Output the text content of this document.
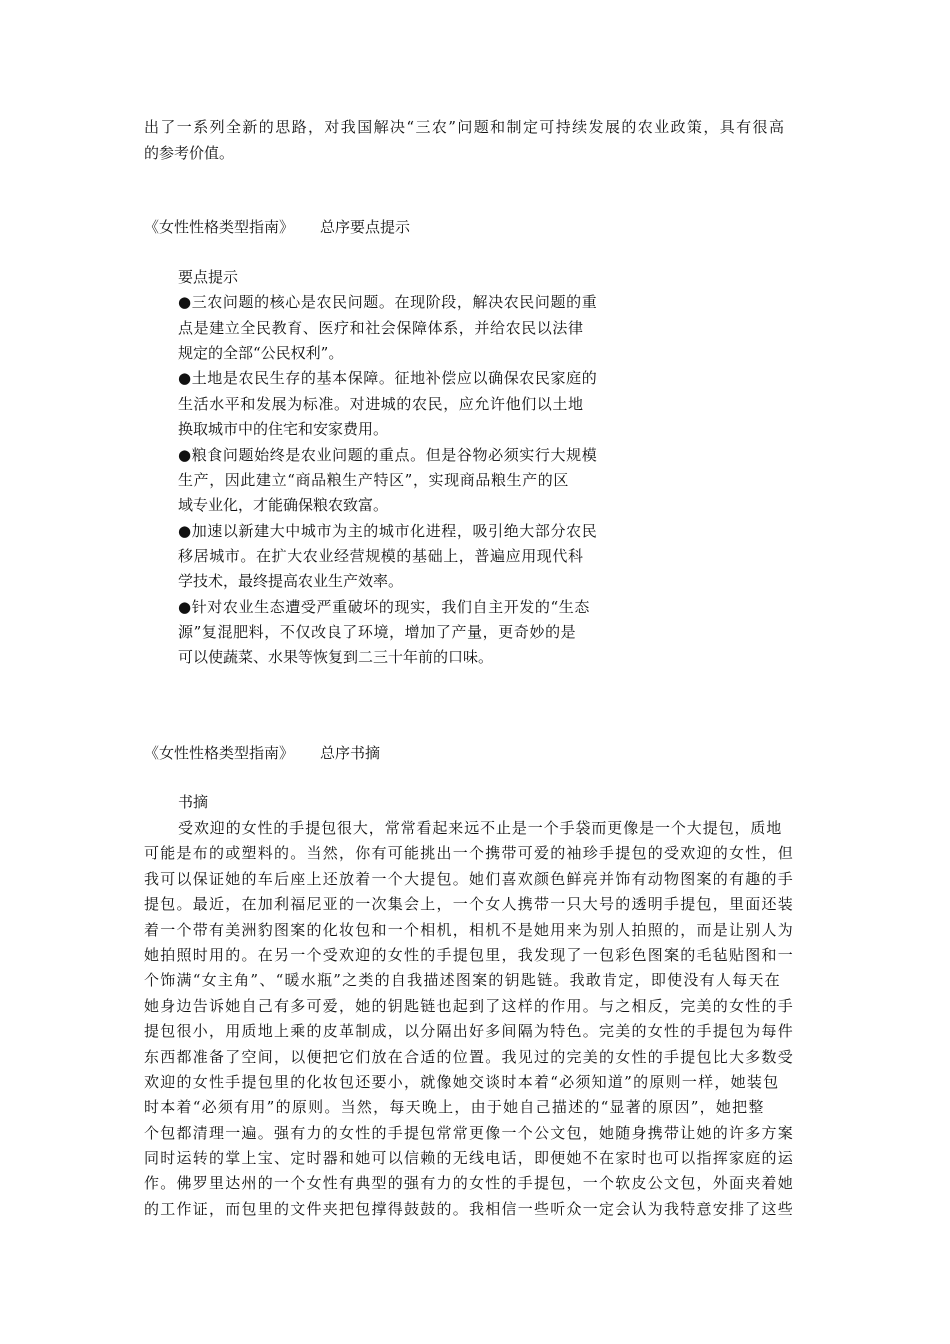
出了一系列全新的思路，对我国解决“三农”问题和制定可持续发展的农业政策，具有很高
的参考价值。
《女性性格类型指南》 总序要点提示
要点提示
●三农问题的核心是农民问题。在现阶段，解决农民问题的重
点是建立全民教育、医疗和社会保障体系，并给农民以法律
规定的全部“公民权利”。
●土地是农民生存的基本保障。征地补偿应以确保农民家庭的
生活水平和发展为标准。对进城的农民，应允许他们以土地
换取城市中的住宅和安家费用。
●粮食问题始终是农业问题的重点。但是谷物必须实行大规模
生产，因此建立“商品粮生产特区”，实现商品粮生产的区
域专业化，才能确保粮农致富。
●加速以新建大中城市为主的城市化进程，吸引绝大部分农民
移居城市。在扩大农业经营规模的基础上，普遍应用现代科
学技术，最终提高农业生产效率。
●针对农业生态遭受严重破坏的现实，我们自主开发的“生态
源”复混肥料，不仅改良了环境，增加了产量，更奇妙的是
可以使蔬菜、水果等恢复到二三十年前的口味。
《女性性格类型指南》 总序书摘
书摘
受欢迎的女性的手提包很大，常常看起来远不止是一个手袋而更像是一个大提包，质地
可能是布的或塑料的。当然，你有可能挑出一个携带可爱的袖珍手提包的受欢迎的女性，但
我可以保证她的车后座上还放着一个大提包。她们喜欢颜色鲜亮并饰有动物图案的有趣的手
提包。最近，在加利福尼亚的一次集会上，一个女人携带一只大号的透明手提包，里面还装
着一个带有美洲豹图案的化妆包和一个相机，相机不是她用来为别人拍照的，而是让别人为
她拍照时用的。在另一个受欢迎的女性的手提包里，我发现了一包彩色图案的毛毡贴图和一
个饰满“女主角”、“暖水瓶”之类的自我描述图案的钥匙链。我敢肯定，即使没有人每天在
她身边告诉她自己有多可爱，她的钥匙链也起到了这样的作用。与之相反，完美的女性的手
提包很小，用质地上乘的皮革制成，以分隔出好多间隔为特色。完美的女性的手提包为每件
东西都准备了空间，以便把它们放在合适的位置。我见过的完美的女性的手提包比大多数受
欢迎的女性手提包里的化妆包还要小，就像她交谈时本着“必须知道”的原则一样，她装包
时本着“必须有用”的原则。当然，每天晚上，由于她自己描述的“显著的原因”，她把整
个包都清理一遍。强有力的女性的手提包常常更像一个公文包，她随身携带让她的许多方案
同时运转的掌上宝、定时器和她可以信赖的无线电话，即便她不在家时也可以指挥家庭的运
作。佛罗里达州的一个女性有典型的强有力的女性的手提包，一个软皮公文包，外面夹着她
的工作证，而包里的文件夹把包撑得鼓鼓的。我相信一些听众一定会认为我特意安排了这些
